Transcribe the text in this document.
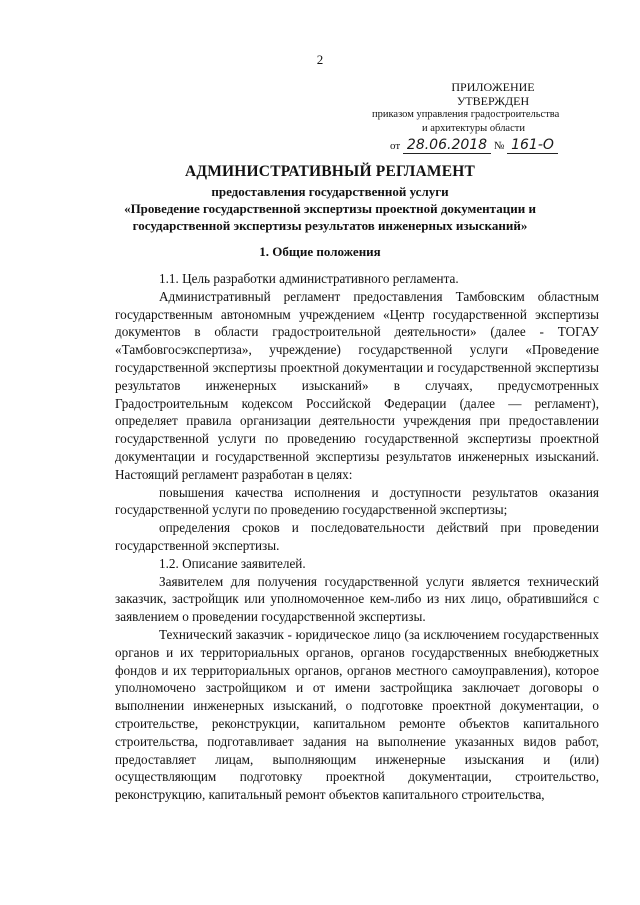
2
ПРИЛОЖЕНИЕ
УТВЕРЖДЕН
приказом управления градостроительства
и архитектуры области
от 28.06.2018 № 161-О
АДМИНИСТРАТИВНЫЙ РЕГЛАМЕНТ
предоставления государственной услуги
«Проведение государственной экспертизы проектной документации и
государственной экспертизы результатов инженерных изысканий»
1. Общие положения

1.1. Цель разработки административного регламента.

Административный регламент предоставления Тамбовским областным государственным автономным учреждением «Центр государственной экспертизы документов в области градостроительной деятельности» (далее - ТОГАУ «Тамбовгосэкспертиза», учреждение) государственной услуги «Проведение государственной экспертизы проектной документации и государственной экспертизы результатов инженерных изысканий» в случаях, предусмотренных Градостроительным кодексом Российской Федерации (далее — регламент), определяет правила организации деятельности учреждения при предоставлении государственной услуги по проведению государственной экспертизы проектной документации и государственной экспертизы результатов инженерных изысканий. Настоящий регламент разработан в целях:

повышения качества исполнения и доступности результатов оказания государственной услуги по проведению государственной экспертизы;

определения сроков и последовательности действий при проведении государственной экспертизы.

1.2. Описание заявителей.

Заявителем для получения государственной услуги является технический заказчик, застройщик или уполномоченное кем-либо из них лицо, обратившийся с заявлением о проведении государственной экспертизы.

Технический заказчик - юридическое лицо (за исключением государственных органов и их территориальных органов, органов государственных внебюджетных фондов и их территориальных органов, органов местного самоуправления), которое уполномочено застройщиком и от имени застройщика заключает договоры о выполнении инженерных изысканий, о подготовке проектной документации, о строительстве, реконструкции, капитальном ремонте объектов капитального строительства, подготавливает задания на выполнение указанных видов работ, предоставляет лицам, выполняющим инженерные изыскания и (или) осуществляющим подготовку проектной документации, строительство, реконструкцию, капитальный ремонт объектов капитального строительства,
